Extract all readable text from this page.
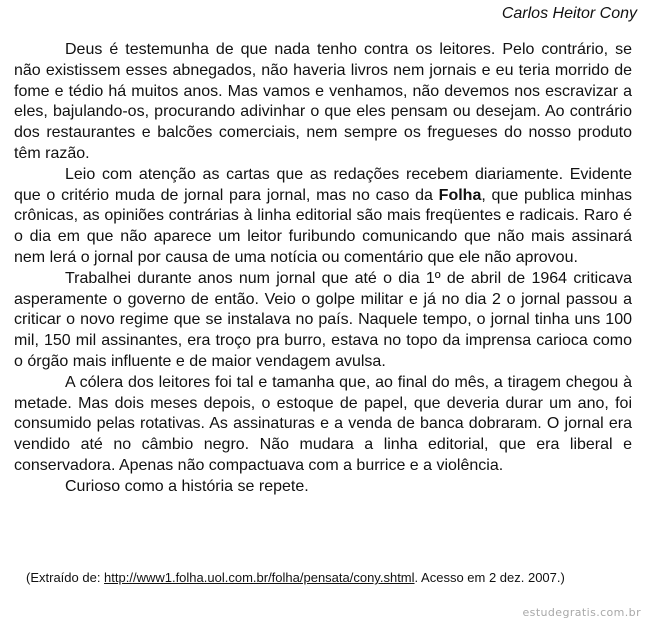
Carlos Heitor Cony

Deus é testemunha de que nada tenho contra os leitores. Pelo contrário, se não existissem esses abnegados, não haveria livros nem jornais e eu teria morrido de fome e tédio há muitos anos. Mas vamos e venhamos, não devemos nos escravizar a eles, bajulando-os, procurando adivinhar o que eles pensam ou desejam. Ao contrário dos restaurantes e balcões comerciais, nem sempre os fregueses do nosso produto têm razão.

Leio com atenção as cartas que as redações recebem diariamente. Evidente que o critério muda de jornal para jornal, mas no caso da Folha, que publica minhas crônicas, as opiniões contrárias à linha editorial são mais freqüentes e radicais. Raro é o dia em que não aparece um leitor furibundo comunicando que não mais assinará nem lerá o jornal por causa de uma notícia ou comentário que ele não aprovou.

Trabalhei durante anos num jornal que até o dia 1º de abril de 1964 criticava asperamente o governo de então. Veio o golpe militar e já no dia 2 o jornal passou a criticar o novo regime que se instalava no país. Naquele tempo, o jornal tinha uns 100 mil, 150 mil assinantes, era troço pra burro, estava no topo da imprensa carioca como o órgão mais influente e de maior vendagem avulsa.

A cólera dos leitores foi tal e tamanha que, ao final do mês, a tiragem chegou à metade. Mas dois meses depois, o estoque de papel, que deveria durar um ano, foi consumido pelas rotativas. As assinaturas e a venda de banca dobraram. O jornal era vendido até no câmbio negro. Não mudara a linha editorial, que era liberal e conservadora. Apenas não compactuava com a burrice e a violência.

Curioso como a história se repete.

(Extraído de: http://www1.folha.uol.com.br/folha/pensata/cony.shtml. Acesso em 2 dez. 2007.)
estudegratis.com.br
